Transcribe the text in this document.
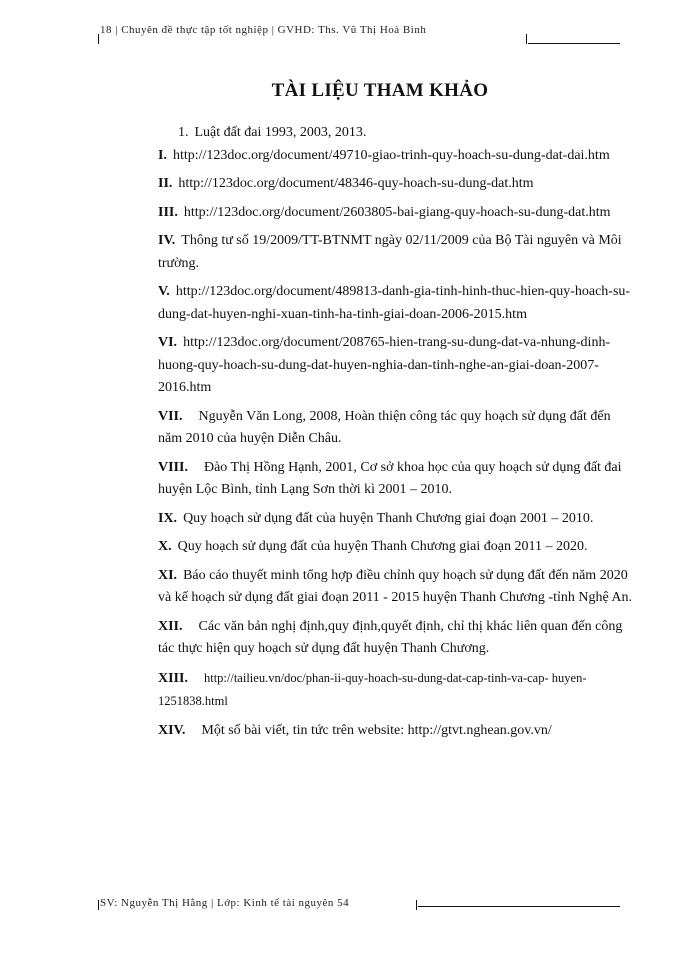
18 | Chuyên đề thực tập tốt nghiệp | GVHD: Ths. Vũ Thị Hoà Bình
TÀI LIỆU THAM KHẢO

1. Luật đất đai 1993, 2003, 2013.

I. http://123doc.org/document/49710-giao-trinh-quy-hoach-su-dung-dat-dai.htm

II. http://123doc.org/document/48346-quy-hoach-su-dung-dat.htm

III. http://123doc.org/document/2603805-bai-giang-quy-hoach-su-dung-dat.htm

IV. Thông tư số 19/2009/TT-BTNMT ngày 02/11/2009 của Bộ Tài nguyên và Môi trường.

V. http://123doc.org/document/489813-danh-gia-tinh-hinh-thuc-hien-quy-hoach-su-dung-dat-huyen-nghi-xuan-tinh-ha-tinh-giai-doan-2006-2015.htm

VI. http://123doc.org/document/208765-hien-trang-su-dung-dat-va-nhung-dinh-huong-quy-hoach-su-dung-dat-huyen-nghia-dan-tinh-nghe-an-giai-doan-2007-2016.htm

VII. Nguyễn Văn Long, 2008, Hoàn thiện công tác quy hoạch sử dụng đất đến năm 2010 của huyện Diễn Châu.

VIII. Đào Thị Hồng Hạnh, 2001, Cơ sở khoa học của quy hoạch sử dụng đất đai huyện Lộc Bình, tỉnh Lạng Sơn thời kì 2001 – 2010.

IX. Quy hoạch sử dụng đất của huyện Thanh Chương giai đoạn 2001 – 2010.

X. Quy hoạch sử dụng đất của huyện Thanh Chương giai đoạn 2011 – 2020.

XI. Báo cáo thuyết minh tổng hợp điều chỉnh quy hoạch sử dụng đất đến năm 2020 và kế hoạch sử dụng đất giai đoạn 2011 - 2015 huyện Thanh Chương -tỉnh Nghệ An.

XII. Các văn bản nghị định,quy định,quyết định, chỉ thị khác liên quan đến công tác thực hiện quy hoạch sử dụng đất huyện Thanh Chương.

XIII. http://tailieu.vn/doc/phan-ii-quy-hoach-su-dung-dat-cap-tinh-va-cap- huyen-1251838.html

XIV. Một số bài viết, tin tức trên website: http://gtvt.nghean.gov.vn/

SV: Nguyễn Thị Hằng | Lớp: Kinh tế tài nguyên 54
